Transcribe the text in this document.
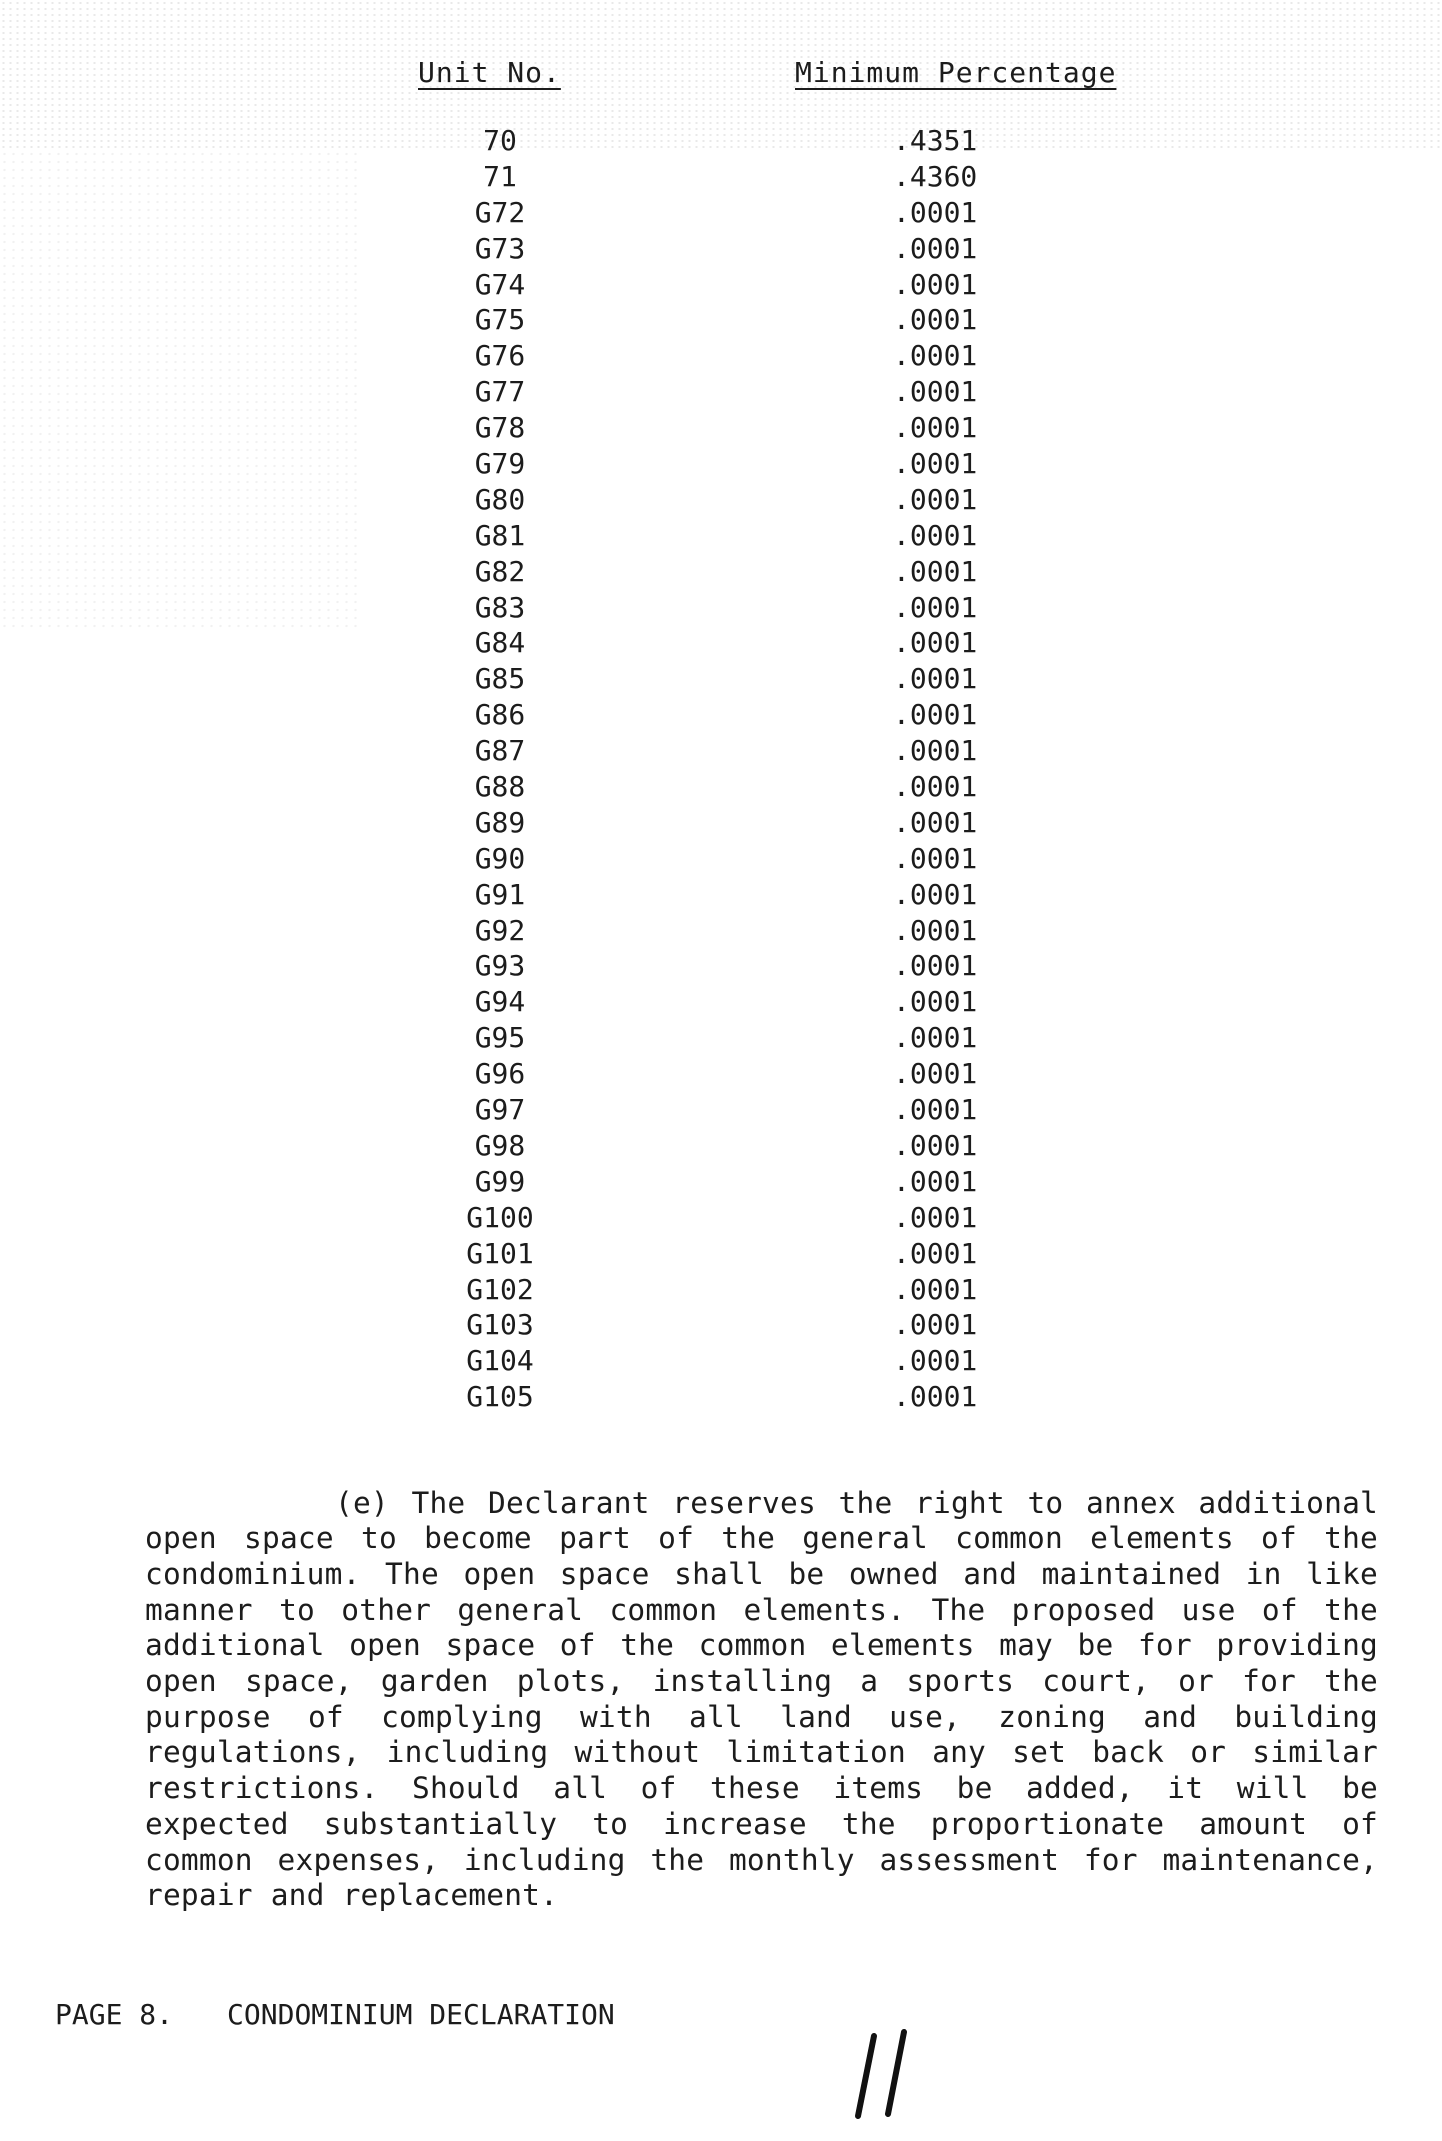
Unit No.	Minimum Percentage
70	.4351
71	.4360
G72	.0001
G73	.0001
G74	.0001
G75	.0001
G76	.0001
G77	.0001
G78	.0001
G79	.0001
G80	.0001
G81	.0001
G82	.0001
G83	.0001
G84	.0001
G85	.0001
G86	.0001
G87	.0001
G88	.0001
G89	.0001
G90	.0001
G91	.0001
G92	.0001
G93	.0001
G94	.0001
G95	.0001
G96	.0001
G97	.0001
G98	.0001
G99	.0001
G100	.0001
G101	.0001
G102	.0001
G103	.0001
G104	.0001
G105	.0001

(e) The Declarant reserves the right to annex additional open space to become part of the general common elements of the condominium. The open space shall be owned and maintained in like manner to other general common elements. The proposed use of the additional open space of the common elements may be for providing open space, garden plots, installing a sports court, or for the purpose of complying with all land use, zoning and building regulations, including without limitation any set back or similar restrictions. Should all of these items be added, it will be expected substantially to increase the proportionate amount of common expenses, including the monthly assessment for maintenance, repair and replacement.

PAGE 8. CONDOMINIUM DECLARATION
